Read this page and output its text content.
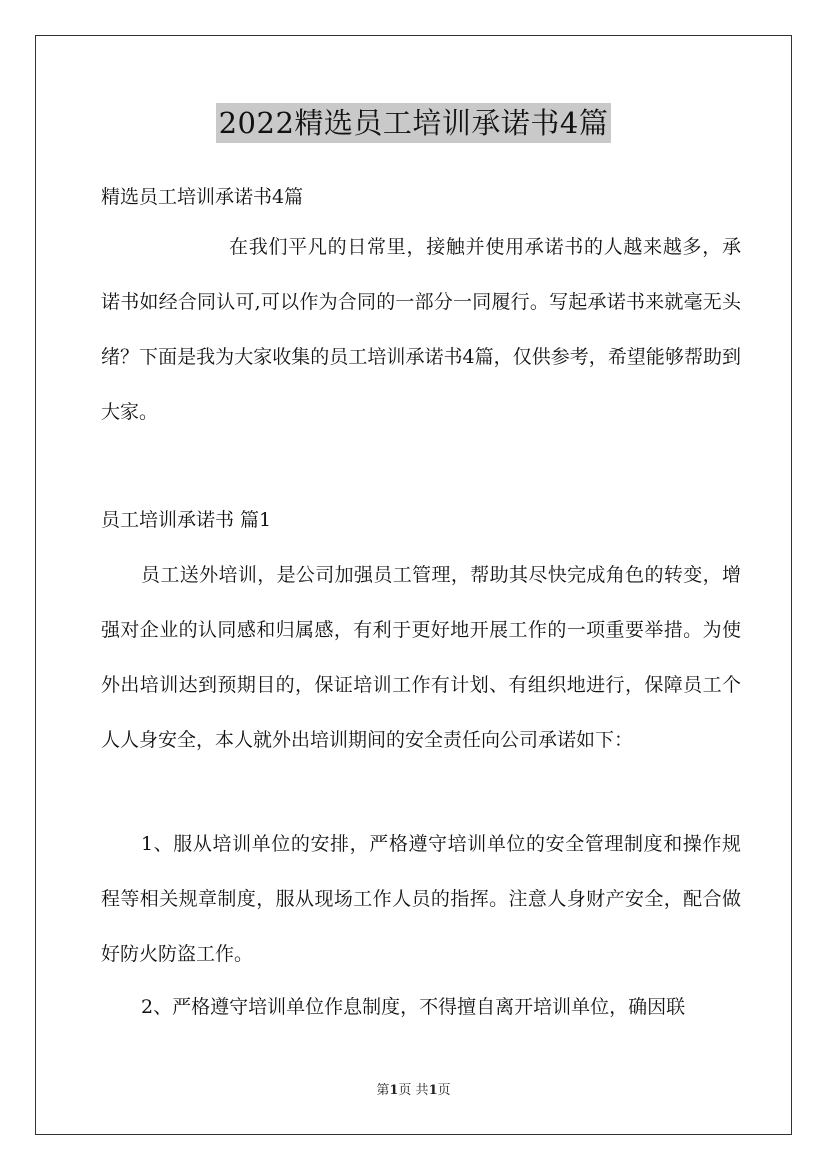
2022精选员工培训承诺书4篇

精选员工培训承诺书4篇

在我们平凡的日常里，接触并使用承诺书的人越来越多，承诺书如经合同认可,可以作为合同的一部分一同履行。写起承诺书来就毫无头绪？下面是我为大家收集的员工培训承诺书4篇，仅供参考，希望能够帮助到大家。

员工培训承诺书 篇1

员工送外培训，是公司加强员工管理，帮助其尽快完成角色的转变，增强对企业的认同感和归属感，有利于更好地开展工作的一项重要举措。为使外出培训达到预期目的，保证培训工作有计划、有组织地进行，保障员工个人人身安全，本人就外出培训期间的安全责任向公司承诺如下：

1、服从培训单位的安排，严格遵守培训单位的安全管理制度和操作规程等相关规章制度，服从现场工作人员的指挥。注意人身财产安全，配合做好防火防盗工作。

2、严格遵守培训单位作息制度，不得擅自离开培训单位，确因联

第1页 共1页
